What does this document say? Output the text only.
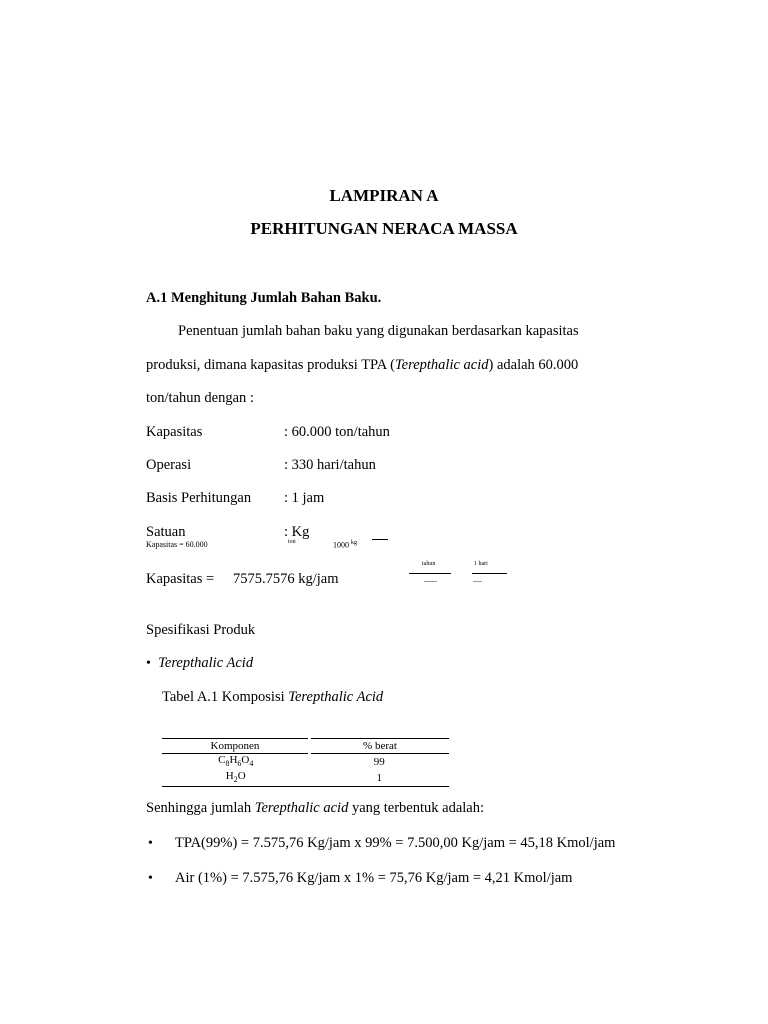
LAMPIRAN A
PERHITUNGAN NERACA MASSA
A.1 Menghitung Jumlah Bahan Baku.
Penentuan jumlah bahan baku yang digunakan berdasarkan kapasitas
produksi, dimana kapasitas produksi TPA (Terepthalic acid) adalah 60.000
ton/tahun dengan :
Kapasitas	: 60.000 ton/tahun
Operasi	: 330 hari/tahun
Basis Perhitungan : 1 jam
Satuan	: Kg
Kapasitas = 60.000	ton	1000 $^{kg}$
tahun	1 hari
Kapasitas = 7575.7576 kg/jam
Spesifikasi Produk
• Terepthalic Acid
Tabel A.1 Komposisi Terepthalic Acid
Komponen	% berat
$C_8H_6O_4$	99
$H_2O$	1
Senhingga jumlah Terepthalic acid yang terbentuk adalah:
• TPA(99%) = 7.575,76 Kg/jam x 99% = 7.500,00 Kg/jam = 45,18 Kmol/jam
• Air (1%) = 7.575,76 Kg/jam x 1% = 75,76 Kg/jam = 4,21 Kmol/jam
